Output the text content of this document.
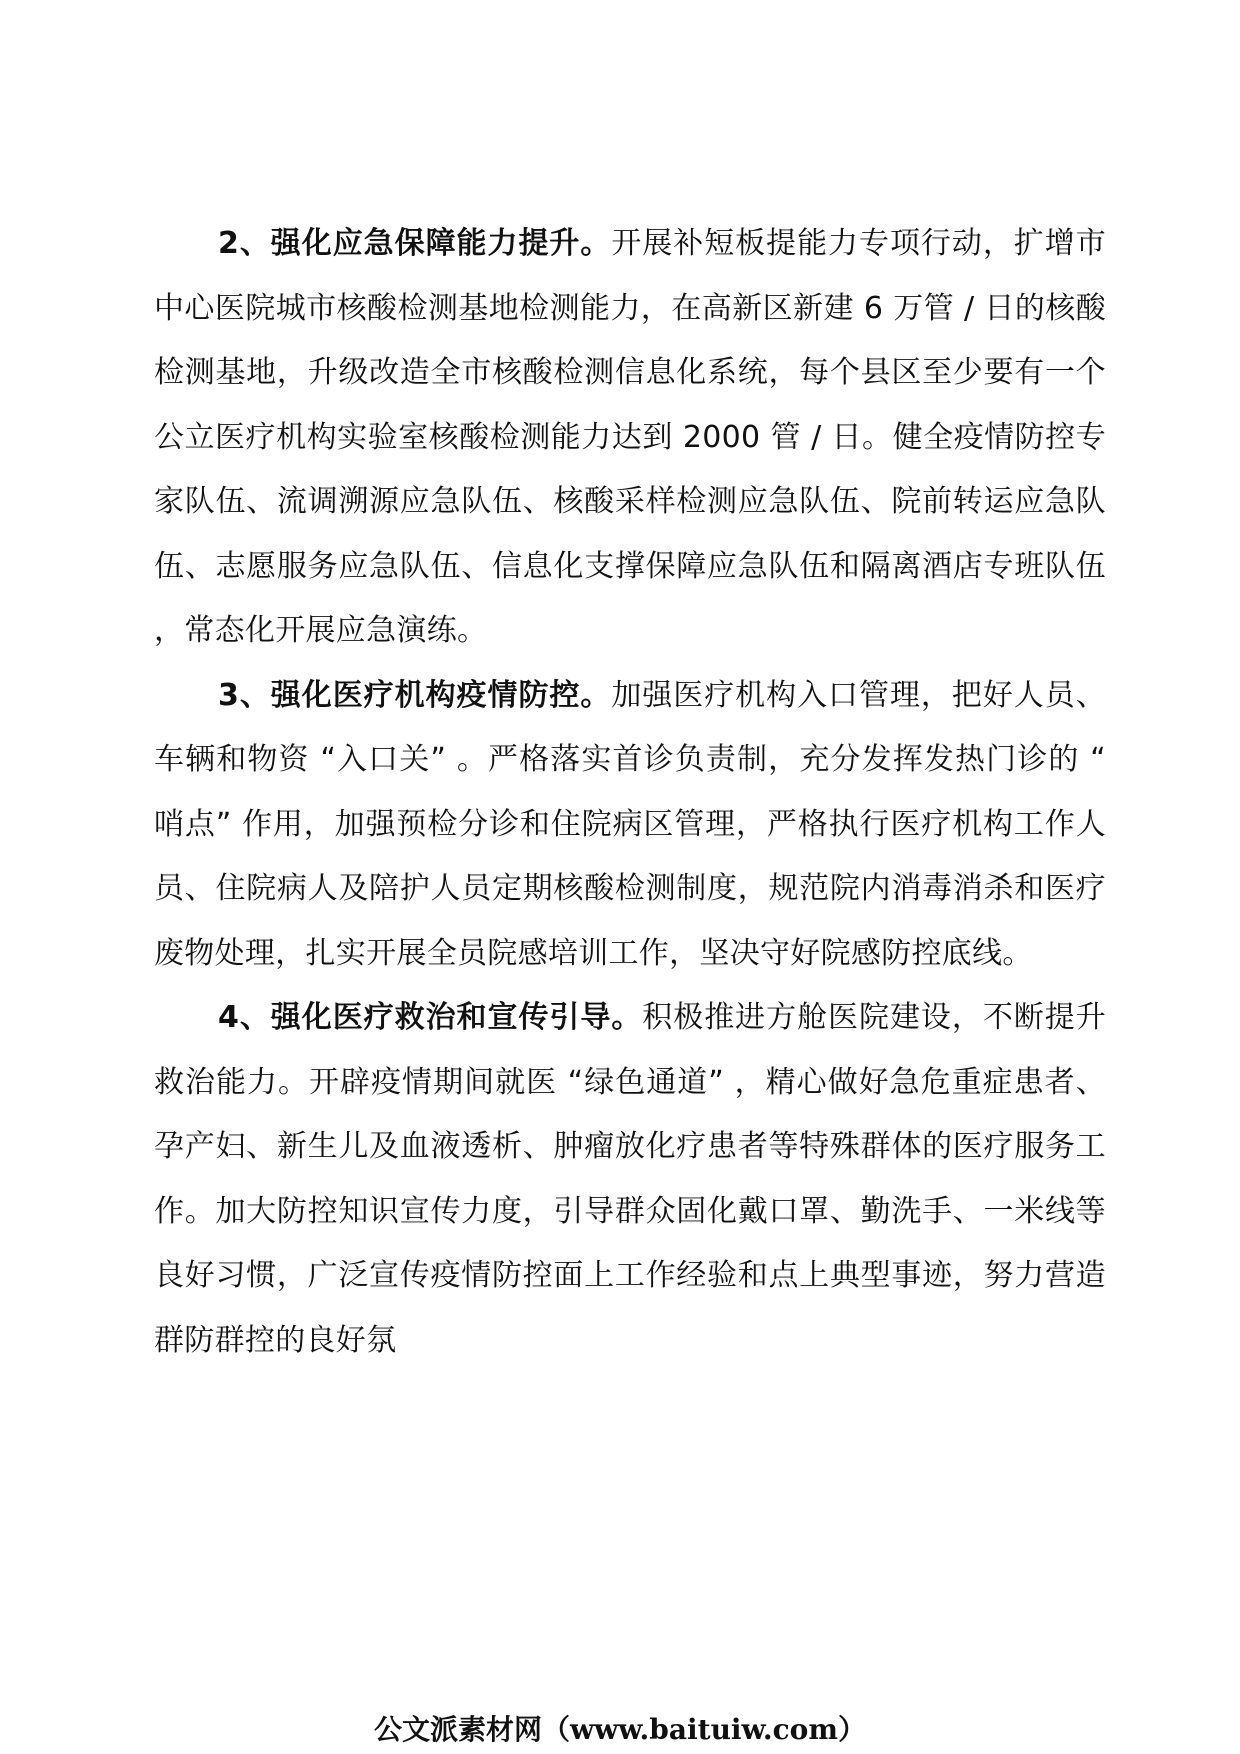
2、强化应急保障能力提升。开展补短板提能力专项行动，扩增市中心医院城市核酸检测基地检测能力，在高新区新建 6 万管 / 日的核酸检测基地，升级改造全市核酸检测信息化系统，每个县区至少要有一个公立医疗机构实验室核酸检测能力达到 2000 管 / 日。健全疫情防控专家队伍、流调溯源应急队伍、核酸采样检测应急队伍、院前转运应急队伍、志愿服务应急队伍、信息化支撑保障应急队伍和隔离酒店专班队伍，常态化开展应急演练。

3、强化医疗机构疫情防控。加强医疗机构入口管理，把好人员、车辆和物资 “入口关” 。严格落实首诊负责制，充分发挥发热门诊的 “哨点” 作用，加强预检分诊和住院病区管理，严格执行医疗机构工作人员、住院病人及陪护人员定期核酸检测制度，规范院内消毒消杀和医疗废物处理，扎实开展全员院感培训工作，坚决守好院感防控底线。

4、强化医疗救治和宣传引导。积极推进方舱医院建设，不断提升救治能力。开辟疫情期间就医 “绿色通道” ，精心做好急危重症患者、孕产妇、新生儿及血液透析、肿瘤放化疗患者等特殊群体的医疗服务工作。加大防控知识宣传力度，引导群众固化戴口罩、勤洗手、一米线等良好习惯，广泛宣传疫情防控面上工作经验和点上典型事迹，努力营造群防群控的良好氛

公文派素材网（www.baituiw.com）
